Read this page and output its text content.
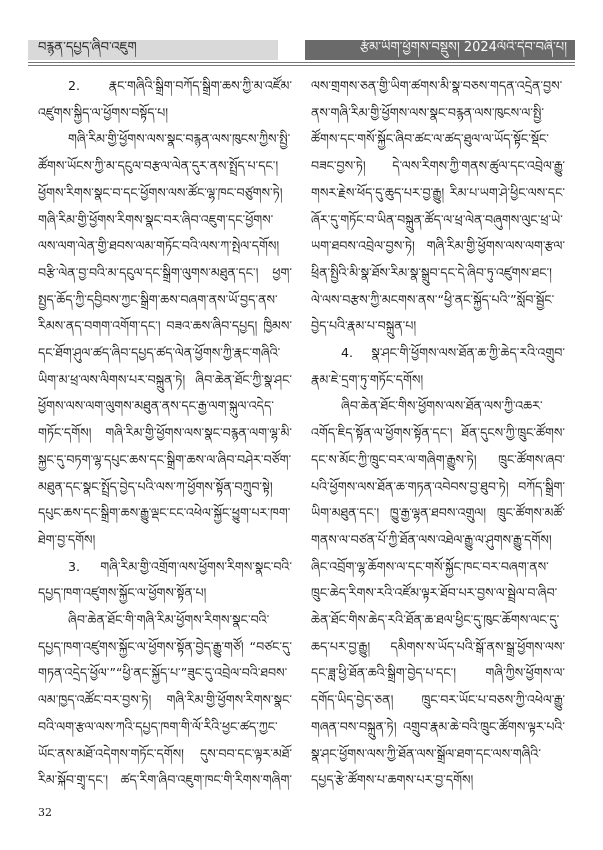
བརྙན་དཔྱད་ཞིབ་འཇུག	རྩོམ་ཡིག་ཕྱོགས་བསྡུས། 2024ལོའི་དེབ་བཞི་པ།

2. རྣང་གཞིའི་སྒྲིག་བཀོད་སྒྲིག་ཆས་ཀྱི་མ་འཛོམ་འཛུགས་སྐྱིད་ལ་ཕྱོགས་བསྟོད་པ།

གཞི་རིམ་གྱི་ཕྱོགས་ལས་སྣང་བརྙན་ལས་ཁུངས་ཀྱིས་སྤྱི་ཚོགས་ཡོངས་ཀྱི་མ་དངུལ་བརྩལ་ལེན་དུར་ནས་སྤྲོད་པ་དང་། ཕྱོགས་རིགས་སྣང་བ་དང་ཕྱོགས་ལས་ཚོང་ལྷ་ཁང་བཙུགས་ཏེ། གཞི་རིམ་གྱི་ཕྱོགས་རིགས་སྣང་བར་ཞིབ་འཇུག་དང་ཕྱོགས་ལས་ལག་ལེན་གྱི་ཐབས་ལམ་གཏོང་བའི་ལས་ཀ་སྤེལ་དགོས། བརྩི་ལེན་བྱ་བའི་མ་དངུལ་དང་སྒྲིག་ལུགས་མཐུན་དང་། ཕྱག་སྤྱད་ཆོད་ཀྱི་དབྱིབས་ཀྱང་སྒྲིག་ཆས་བཞག་ནས་ཡོ་བྱད་ནས་རིམས་ནད་བགག་འགོག་དང་། བཟའ་ཆས་ཞིབ་དཔྱད། ཁྱིམས་དང་ཐོག་ཤུལ་ཚད་ཞིབ་དཔྱད་ཚད་ལེན་ཕྱོགས་ཀྱི་རྣང་གཞིའི་ཡིག་མ་ཕྲ་ལས་ལིགས་པར་བསྐྲུན་ཏེ། ཞིབ་ཆེན་ཐོང་ཀྱི་སྣ་ཤང་ཕྱོགས་ལས་ལག་ལུགས་མཐུན་ནས་དང་རྒྱ་ལག་སྐུལ་འདེད་གཏོང་དགོས། གཞི་རིམ་གྱི་ཕྱོགས་ལས་སྣང་བརྙན་ལག་ལྷ་མི་སྐྱང་དུ་བཏག་ལྷ་དཔུང་ཆས་དང་སྒྲིག་ཆས་ལ་ཞིབ་བཤེར་བཙོག་མཐུན་དང་སྣང་སྤྲོད་བྱེད་པའི་ལས་ཀ་ཕྱོགས་སྟོན་བཀྲུབ་སྟེ། དཔུང་ཆས་དང་སྒྲིག་ཆས་རྒྱུ་ལྡང་ངང་འཕེལ་སྐྱོང་ཕྱུག་པར་ཁག་ཐེག་བྱ་དགོས།

3. གཞི་རིམ་གྱི་འགྲོག་ལས་ཕྱོགས་རིགས་སྣང་བའི་དཔྱད་ཁག་འཛུགས་སྐྱོང་ལ་ཕྱོགས་སྟོན་པ།

ཞིབ་ཆེན་ཐོང་གི་གཞི་རིམ་ཕྱོགས་རིགས་སྣང་བའི་དཔྱད་ཁག་འཛུགས་སྐྱོང་ལ་ཕྱོགས་སྟོན་བྱེད་རྒྱུ་གཙོ། “བཙང་དུ་གཏན་འདྲེད་ཕྱོལ་”“ཕྱི་ནང་སྐྱོད་པ་”ཟུང་དུ་འབྲེལ་བའི་ཐབས་ལམ་ཁྱད་འཚོང་བར་བྱས་ཏེ། གཞི་རིམ་གྱི་ཕྱོགས་རིགས་སྣང་བའི་ལག་རྩལ་ལས་ཀའི་དཔྱད་ཁག་གི་ལོ་རིའི་ཕྱང་ཚད་ཀྱང་ཡོང་ནས་མཐོ་འདེགས་གཏོང་དགོས། དུས་བབ་དང་ལྟར་མཐོ་རིམ་སྐོབ་གྲྭ་དང་། ཚད་རིག་ཞིབ་འཇུག་ཁང་གི་རིགས་གཞིག་

ལས་གྲགས་ཅན་གྱི་ཡིག་ཚགས་མི་སྣ་བཅས་གདན་འདྲེན་བྱས་ནས་གཞི་རིམ་གྱི་ཕྱོགས་ལས་སྣང་བརྙན་ལས་ཁུངས་ལ་སྤྱི་ཚོགས་དང་གསོ་སྐྱོང་ཞིབ་ཚང་ལ་ཚད་ཐུལ་ལ་ཡོད་སྟོང་སྡོང་བཟང་བྱས་ཏེ། དེ་ལས་རིགས་ཀྱི་གནས་ཚུལ་དང་འབྲེལ་རྒྱུ་གསར་རྗེས་ཕོད་དུ་ཆུད་པར་བྱ་རྒྱུ། རིམ་པ་ཡག་ཤེ་ཕྱིང་ལས་དང་ཞོར་དུ་གཏོང་བ་ཡིན་བསྐྲུན་ཚོད་ལ་ཕྲ་ལེན་བཞུགས་ལུང་ཕྲ་ཡེ་ཡག་ཐབས་འབྲེལ་བྱས་ཏེ། གཞི་རིམ་གྱི་ཕྱོགས་ལས་ལག་རྩལ་ཕྲིན་སྤྱིའི་མི་སྣ་ཐོས་རིམ་སྣ་སྒྲུབ་དང་དེ་ཞིབ་ཏུ་འཛུགས་ཐང་། ལེ་ལས་བརྩས་ཀྱི་མངགས་ནས་“ཕྱི་ནང་སྐྱོད་པའི་”སློབ་སྦྱོང་བྱེད་པའི་རྣམ་པ་བསྐྲུན་པ།

4. སྣ་ཤང་གི་ཕྱོགས་ལས་ཐོན་ཆ་ཀྱི་ཆེད་རའི་འགྲུབ་རྣམ་ཇེ་དྲག་ཏུ་གཏོང་དགོས།

ཞིབ་ཆེན་ཐོང་གིས་ཕྱོགས་ལས་ཐོན་ལས་ཀྱི་འཆར་འགོད་ཇིད་སྟོན་ལ་ཕྱོགས་སྟོན་དང་། ཐོན་དུངས་ཀྱི་ཁྲུང་ཚོགས་དང་ས་མོང་ཀྱི་ཁྲུང་བར་ལ་གཞིག་རྒྱུས་ཏེ། ཁྲུང་ཚོགས་ཞབ་པའི་ཕྱོགས་ལས་ཐོན་ཆ་གཏན་འབེབས་བྱ་ཐུབ་ཏེ། བཀོད་སྒྲིག་ཡིག་མཐུན་དང་། ཁྱུ་རྒྱ་ལྷན་ཐབས་འགྲུལ། ཁྲུང་ཚོགས་མཚོ་གནས་ལ་བཙན་པོ་ཀྱི་ཐོན་ལས་འཐེལ་རྒྱུ་ལ་ཤུགས་རྒྱུ་དགོས། ཞིང་འབྲོག་ལྷ་ཆོགས་ལ་དང་གསོ་སྐྱོང་ཁང་བར་བཞག་ནས་ཁྲུང་ཆེད་རིགས་རའི་འཛོམ་ལྟར་ཐོབ་པར་བྱས་ལ་སྦྲེལ་བ་ཞིབ་ཆེན་ཐོང་གིས་ཆེད་རའི་ཐོན་ཆ་ཐལ་ཕྱིང་དུ་ཁུང་ཆོགས་ལང་དུ་ཆད་པར་བྱ་རྒྱུ། དམིགས་ས་ཡོད་པའི་སྒོ་ནས་སྒྲ་ཕྱོགས་ལས་དང་ཟླ་ཕྱི་ཐོན་ཆའི་སྒྲིག་བྱེད་པ་དང་། གཞི་ཀྱིས་ཕྱོགས་ལ་དགོད་ཡིད་བྱེད་ཅན། ཁྲུང་བར་ཡོང་པ་བཅས་ཀྱི་འཕེལ་རྒྱུ་གཞན་བས་བསྐྲུན་ཏེ། འགྲུབ་རྣམ་ཆེ་བའི་ཁྲུང་ཚོགས་ལྟར་པའི་སྣ་ཤང་ཕྱོགས་ལས་ཀྱི་ཐོན་ལས་སྒྲོལ་ཐག་དང་ལས་གཞིའི་དཔྱད་རྩེ་ཚོགས་པ་ཆགས་པར་བྱ་དགོས།

32
